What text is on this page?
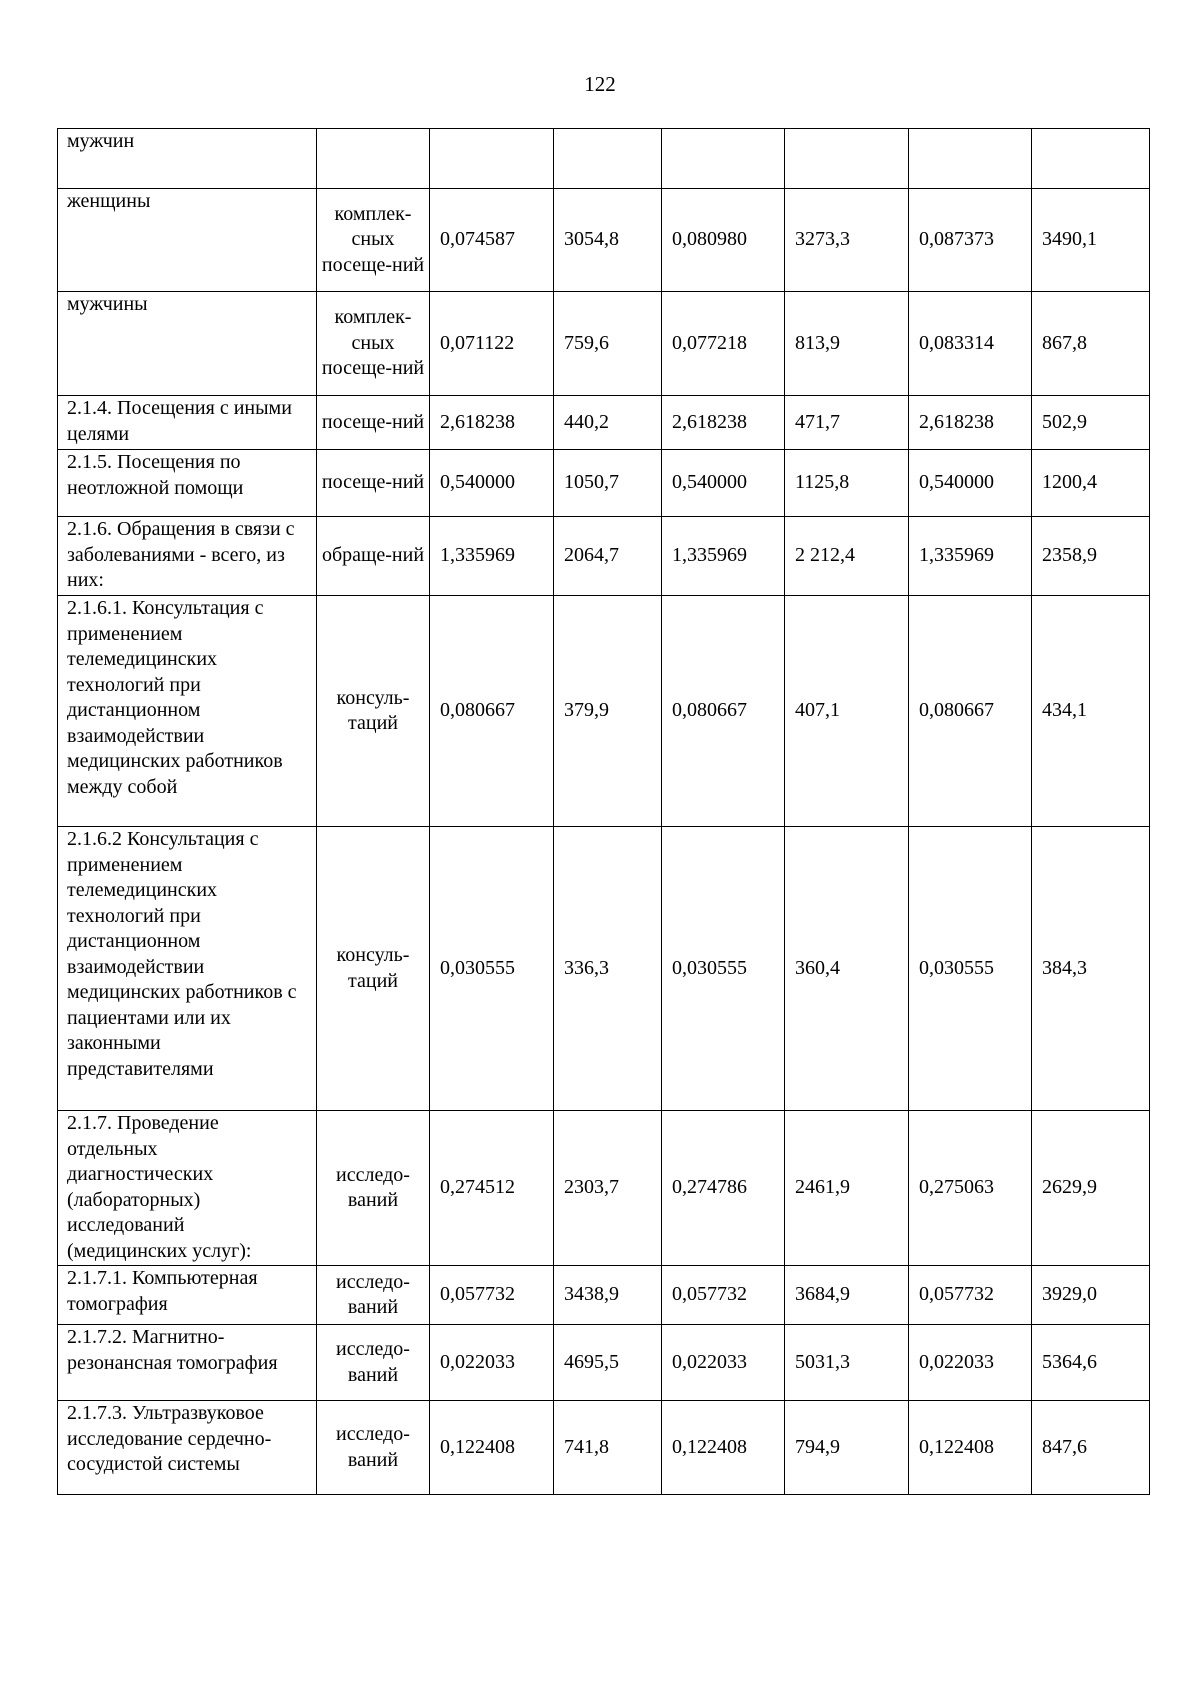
122
мужчин							
женщины	комплек-сных посеще-ний	0,074587	3054,8	0,080980	3273,3	0,087373	3490,1
мужчины	комплек-сных посеще-ний	0,071122	759,6	0,077218	813,9	0,083314	867,8
2.1.4. Посещения с иными целями	посеще-ний	2,618238	440,2	2,618238	471,7	2,618238	502,9
2.1.5. Посещения по неотложной помощи	посеще-ний	0,540000	1050,7	0,540000	1125,8	0,540000	1200,4
2.1.6. Обращения в связи с заболеваниями - всего, из них:	обраще-ний	1,335969	2064,7	1,335969	2 212,4	1,335969	2358,9
2.1.6.1. Консультация с применением телемедицинских технологий при дистанционном взаимодействии медицинских работников между собой	консуль-таций	0,080667	379,9	0,080667	407,1	0,080667	434,1
2.1.6.2 Консультация с применением телемедицинских технологий при дистанционном взаимодействии медицинских работников с пациентами или их законными представителями	консуль-таций	0,030555	336,3	0,030555	360,4	0,030555	384,3
2.1.7. Проведение отдельных диагностических (лабораторных) исследований (медицинских услуг):	исследо-ваний	0,274512	2303,7	0,274786	2461,9	0,275063	2629,9
2.1.7.1. Компьютерная томография	исследо-ваний	0,057732	3438,9	0,057732	3684,9	0,057732	3929,0
2.1.7.2. Магнитно-резонансная томография	исследо-ваний	0,022033	4695,5	0,022033	5031,3	0,022033	5364,6
2.1.7.3. Ультразвуковое исследование сердечно-сосудистой системы	исследо-ваний	0,122408	741,8	0,122408	794,9	0,122408	847,6
